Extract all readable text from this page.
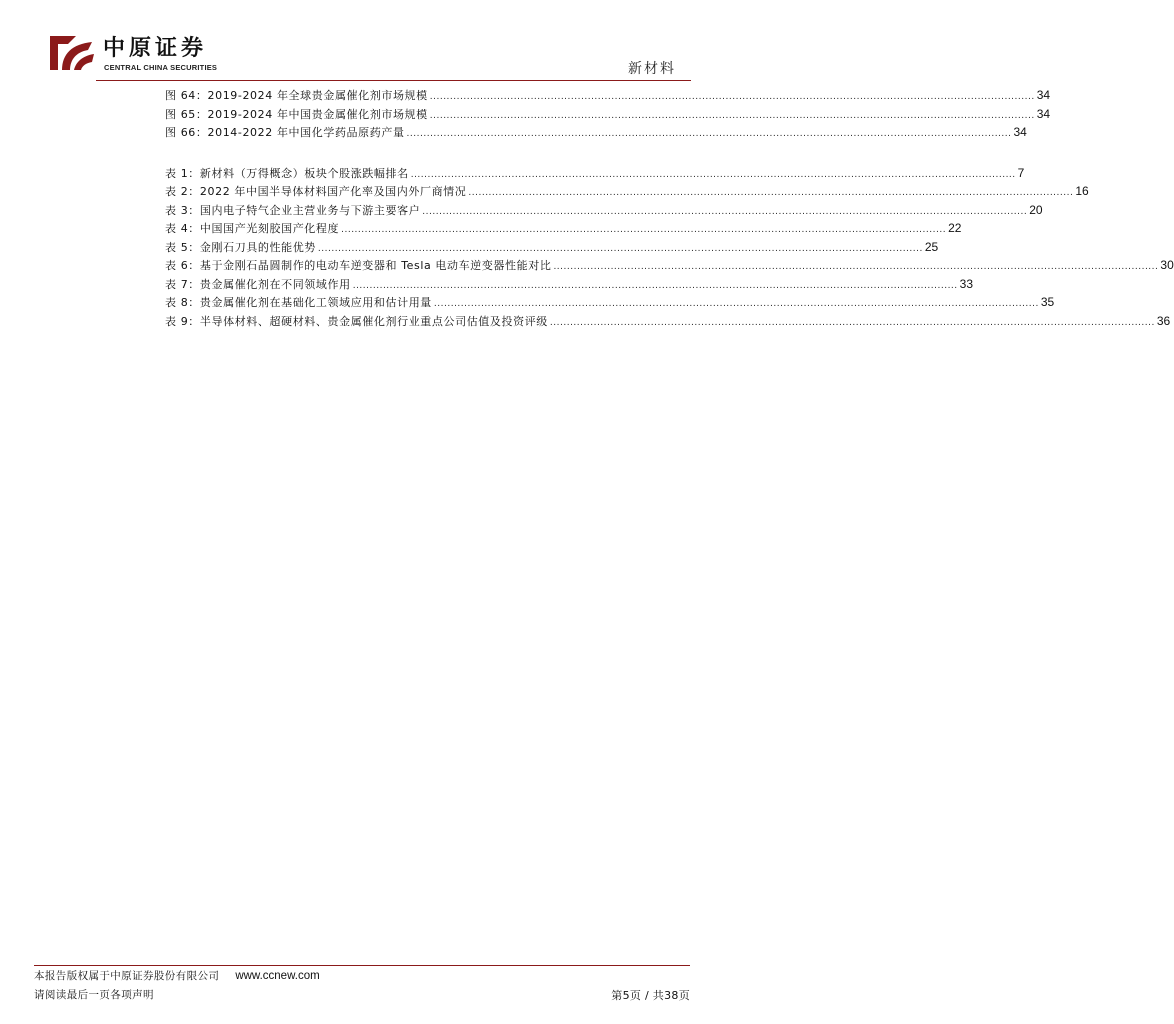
中原证券
CENTRAL CHINA SECURITIES	新材料
图 64：2019-2024 年全球贵金属催化剂市场规模 .................................................................................................................................................................................... 34
图 65：2019-2024 年中国贵金属催化剂市场规模 .................................................................................................................................................................................... 34
图 66：2014-2022 年中国化学药品原药产量 .................................................................................................................................................................................... 34
表 1：新材料（万得概念）板块个股涨跌幅排名 .................................................................................................................................................................................... 7
表 2：2022 年中国半导体材料国产化率及国内外厂商情况 .................................................................................................................................................................................... 16
表 3：国内电子特气企业主营业务与下游主要客户 .................................................................................................................................................................................... 20
表 4：中国国产光刻胶国产化程度 .................................................................................................................................................................................... 22
表 5：金刚石刀具的性能优势 .................................................................................................................................................................................... 25
表 6：基于金刚石晶圆制作的电动车逆变器和 Tesla 电动车逆变器性能对比 .................................................................................................................................................................................... 30
表 7：贵金属催化剂在不同领域作用 .................................................................................................................................................................................... 33
表 8：贵金属催化剂在基础化工领域应用和估计用量 .................................................................................................................................................................................... 35
表 9：半导体材料、超硬材料、贵金属催化剂行业重点公司估值及投资评级 .................................................................................................................................................................................... 36
本报告版权属于中原证券股份有限公司 www.ccnew.com
请阅读最后一页各项声明	第5页 / 共38页
